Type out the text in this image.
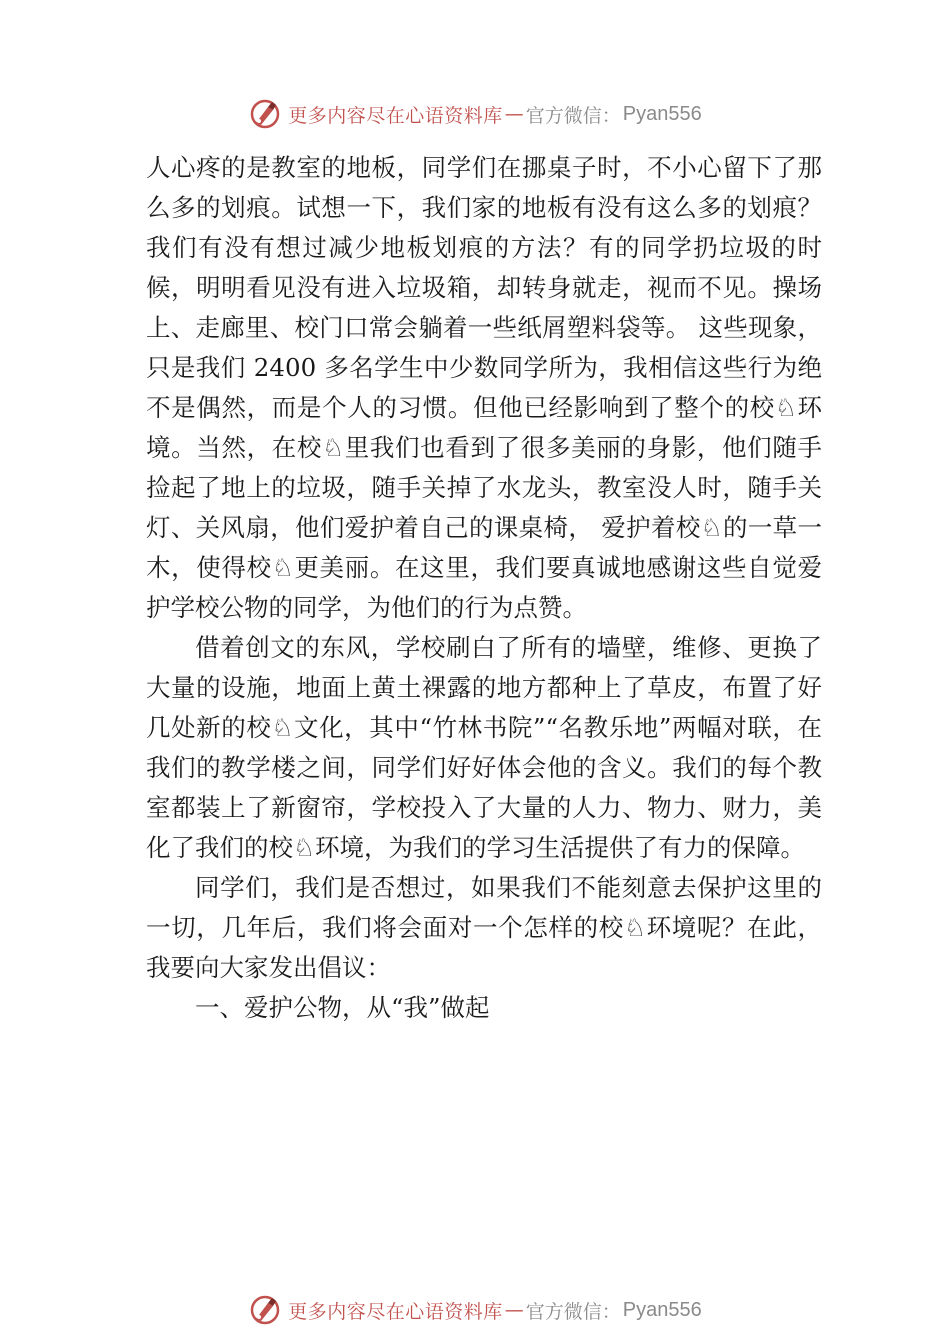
更多内容尽在心语资料库 — 官方微信 ： Pyan556

人心疼的是教室的地板，同学们在挪桌子时，不小心留下了那么多的划痕。试想一下，我们家的地板有没有这么多的划痕？我们有没有想过减少地板划痕的方法？有的同学扔垃圾的时候，明明看见没有进入垃圾箱，却转身就走，视而不见。操场上、走廊里、校门口常会躺着一些纸屑塑料袋等。 这些现象，只是我们 2400 多名学生中少数同学所为，我相信这些行为绝不是偶然，而是个人的习惯。但他已经影响到了整个的校♘环境。当然，在校♘里我们也看到了很多美丽的身影，他们随手捡起了地上的垃圾，随手关掉了水龙头，教室没人时，随手关灯、关风扇，他们爱护着自己的课桌椅， 爱护着校♘的一草一木，使得校♘更美丽。在这里，我们要真诚地感谢这些自觉爱护学校公物的同学，为他们的行为点赞。

借着创文的东风，学校刷白了所有的墙壁，维修、更换了大量的设施，地面上黄土裸露的地方都种上了草皮，布置了好几处新的校♘文化，其中“竹林书院”“名教乐地”两幅对联，在我们的教学楼之间，同学们好好体会他的含义。我们的每个教室都装上了新窗帘，学校投入了大量的人力、物力、财力，美化了我们的校♘环境，为我们的学习生活提供了有力的保障。

同学们，我们是否想过，如果我们不能刻意去保护这里的一切，几年后，我们将会面对一个怎样的校♘环境呢？在此，我要向大家发出倡议：

一、爱护公物，从“我”做起

更多内容尽在心语资料库 — 官方微信 ： Pyan556
